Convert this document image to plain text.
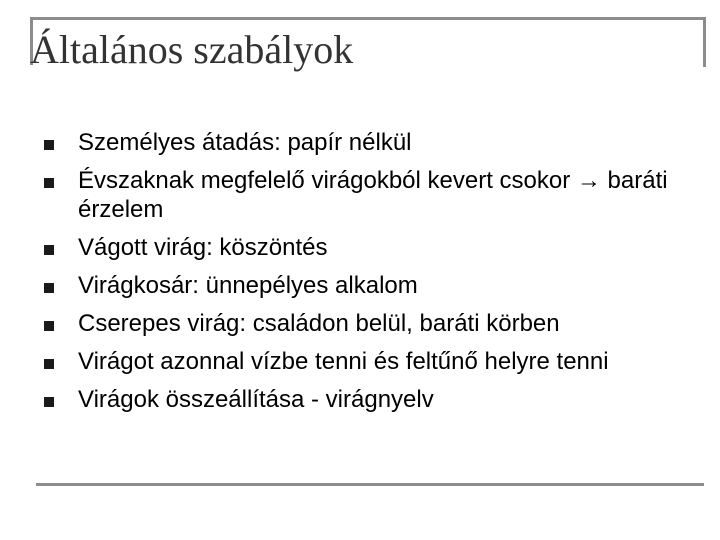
Általános szabályok
Személyes átadás: papír nélkül
Évszaknak megfelelő virágokból kevert csokor → baráti érzelem
Vágott virág: köszöntés
Virágkosár: ünnepélyes alkalom
Cserepes virág: családon belül, baráti körben
Virágot azonnal vízbe tenni és feltűnő helyre tenni
Virágok összeállítása - virágnyelv
